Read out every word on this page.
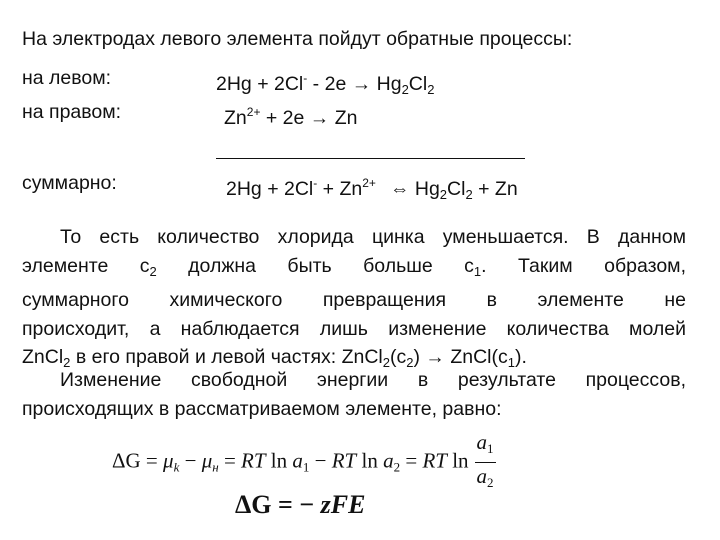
На электродах левого элемента пойдут обратные процессы:
на левом:	$2Hg + 2Cl^- - 2e \to Hg_2Cl_2$
на правом:	$Zn^{2+} + 2e \to Zn$
суммарно:	$2Hg + 2Cl^- + Zn^{2+}$ ⇔ $Hg_2Cl_2 + Zn$
То есть количество хлорида цинка уменьшается. В данном
элементе $с_2$ должна быть больше $с_1$. Таким образом,
суммарного химического превращения в элементе не
происходит, а наблюдается лишь изменение количества молей
ZnCl$_2$ в его правой и левой частях: $ZnCl_2(с_2)$ → $ZnCl(с_1)$.
Изменение свободной энергии в результате процессов,
происходящих в рассматриваемом элементе, равно:
$\Delta G = \mu_k - \mu_н$ = RT $\ln a_1$ − RT $\ln a_2$ = RT $\ln \frac{a_1}{a_2}$
ΔG = − zFE
